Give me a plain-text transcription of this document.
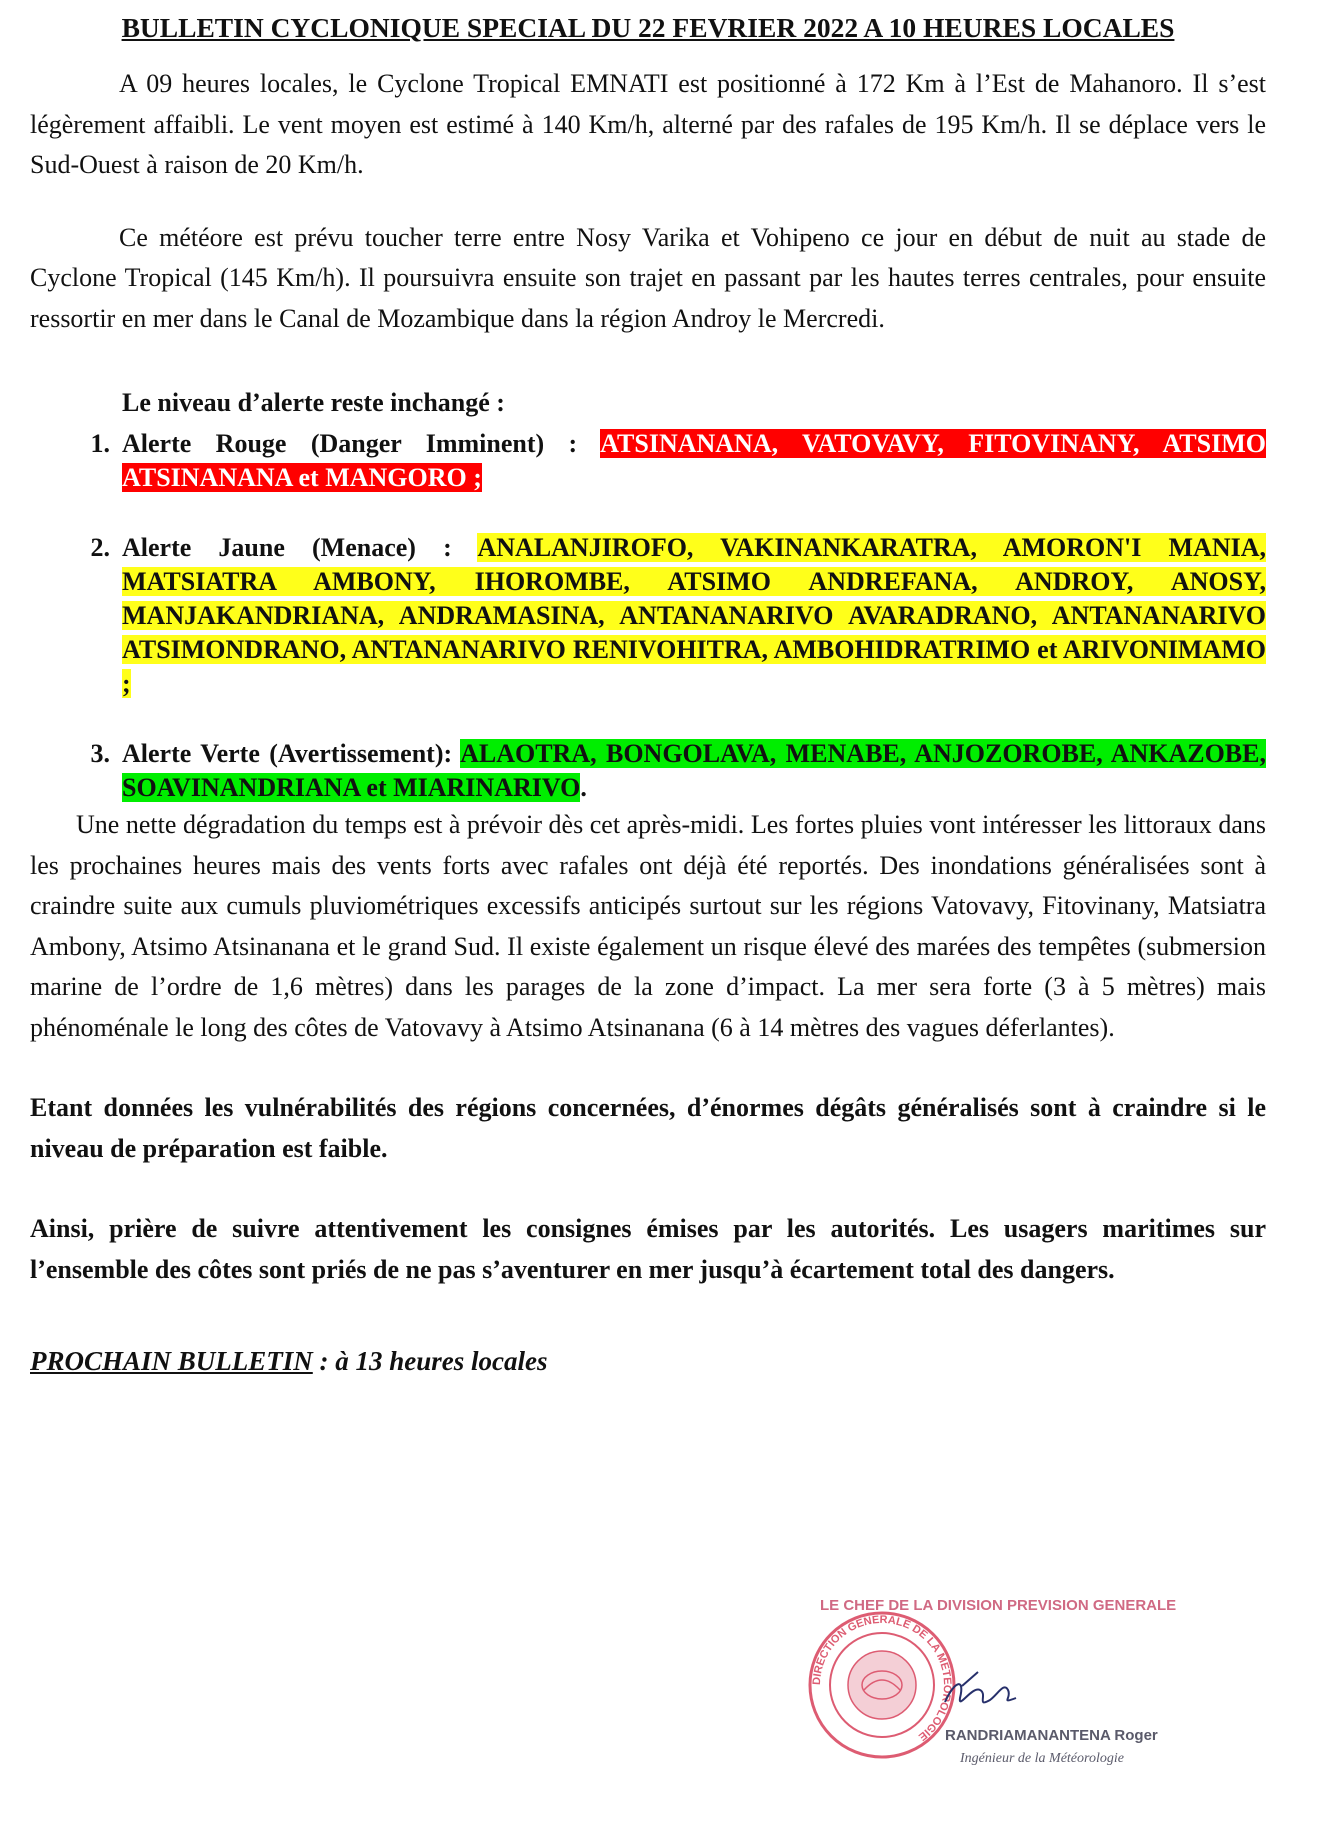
BULLETIN CYCLONIQUE SPECIAL DU 22 FEVRIER 2022 A 10 HEURES LOCALES

A 09 heures locales, le Cyclone Tropical EMNATI est positionné à 172 Km à l’Est de Mahanoro. Il s’est légèrement affaibli. Le vent moyen est estimé à 140 Km/h, alterné par des rafales de 195 Km/h. Il se déplace vers le Sud-Ouest à raison de 20 Km/h.

Ce météore est prévu toucher terre entre Nosy Varika et Vohipeno ce jour en début de nuit au stade de Cyclone Tropical (145 Km/h). Il poursuivra ensuite son trajet en passant par les hautes terres centrales, pour ensuite ressortir en mer dans le Canal de Mozambique dans la région Androy le Mercredi.

Le niveau d’alerte reste inchangé :
1. Alerte Rouge (Danger Imminent) : ATSINANANA, VATOVAVY, FITOVINANY, ATSIMO ATSINANANA et MANGORO ;
2. Alerte Jaune (Menace) : ANALANJIROFO, VAKINANKARATRA, AMORON'I MANIA, MATSIATRA AMBONY, IHOROMBE, ATSIMO ANDREFANA, ANDROY, ANOSY, MANJAKANDRIANA, ANDRAMASINA, ANTANANARIVO AVARADRANO, ANTANANARIVO ATSIMONDRANO, ANTANANARIVO RENIVOHITRA, AMBOHIDRATRIMO et ARIVONIMAMO ;
3. Alerte Verte (Avertissement): ALAOTRA, BONGOLAVA, MENABE, ANJOZOROBE, ANKAZOBE, SOAVINANDRIANA et MIARINARIVO.

Une nette dégradation du temps est à prévoir dès cet après-midi. Les fortes pluies vont intéresser les littoraux dans les prochaines heures mais des vents forts avec rafales ont déjà été reportés. Des inondations généralisées sont à craindre suite aux cumuls pluviométriques excessifs anticipés surtout sur les régions Vatovavy, Fitovinany, Matsiatra Ambony, Atsimo Atsinanana et le grand Sud. Il existe également un risque élevé des marées des tempêtes (submersion marine de l’ordre de 1,6 mètres) dans les parages de la zone d’impact. La mer sera forte (3 à 5 mètres) mais phénoménale le long des côtes de Vatovavy à Atsimo Atsinanana (6 à 14 mètres des vagues déferlantes).

Etant données les vulnérabilités des régions concernées, d’énormes dégâts généralisés sont à craindre si le niveau de préparation est faible.

Ainsi, prière de suivre attentivement les consignes émises par les autorités. Les usagers maritimes sur l’ensemble des côtes sont priés de ne pas s’aventurer en mer jusqu’à écartement total des dangers.

PROCHAIN BULLETIN : à 13 heures locales
LE CHEF DE LA DIVISION PREVISION GENERALE
DIRECTION GENERALE DE LA METEOROLOGIE	RANDRIAMANANTENA Roger
Ingénieur de la Météorologie
